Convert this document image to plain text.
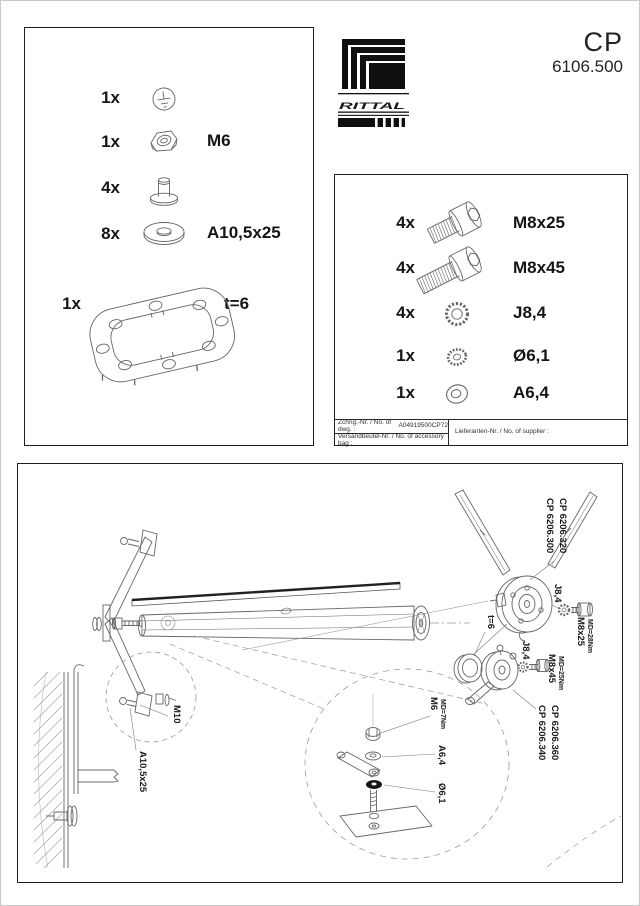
RITTAL
CP
6106.500
1x
1x
4x
8x
1x
M6
A10,5x25
t=6
4x
4x
4x
1x
1x
M8x25
M8x45
J8,4
Ø6,1
A6,4
Zchng.-Nr. / No. of dwg. :	A04919500CP72
Versandbeutel-Nr. / No. of accessory bag :
Lieferanten-Nr. / No. of supplier :
M10
A10,5x25
CP 6206.300 CP 6206.320
J8,4
M8x25 MD=28Nm
t=6
J8,4
M8x45 MD=25Nm
CP 6206.340 CP 6206.360
M6 MD=7Nm
A6,4
Ø6,1
